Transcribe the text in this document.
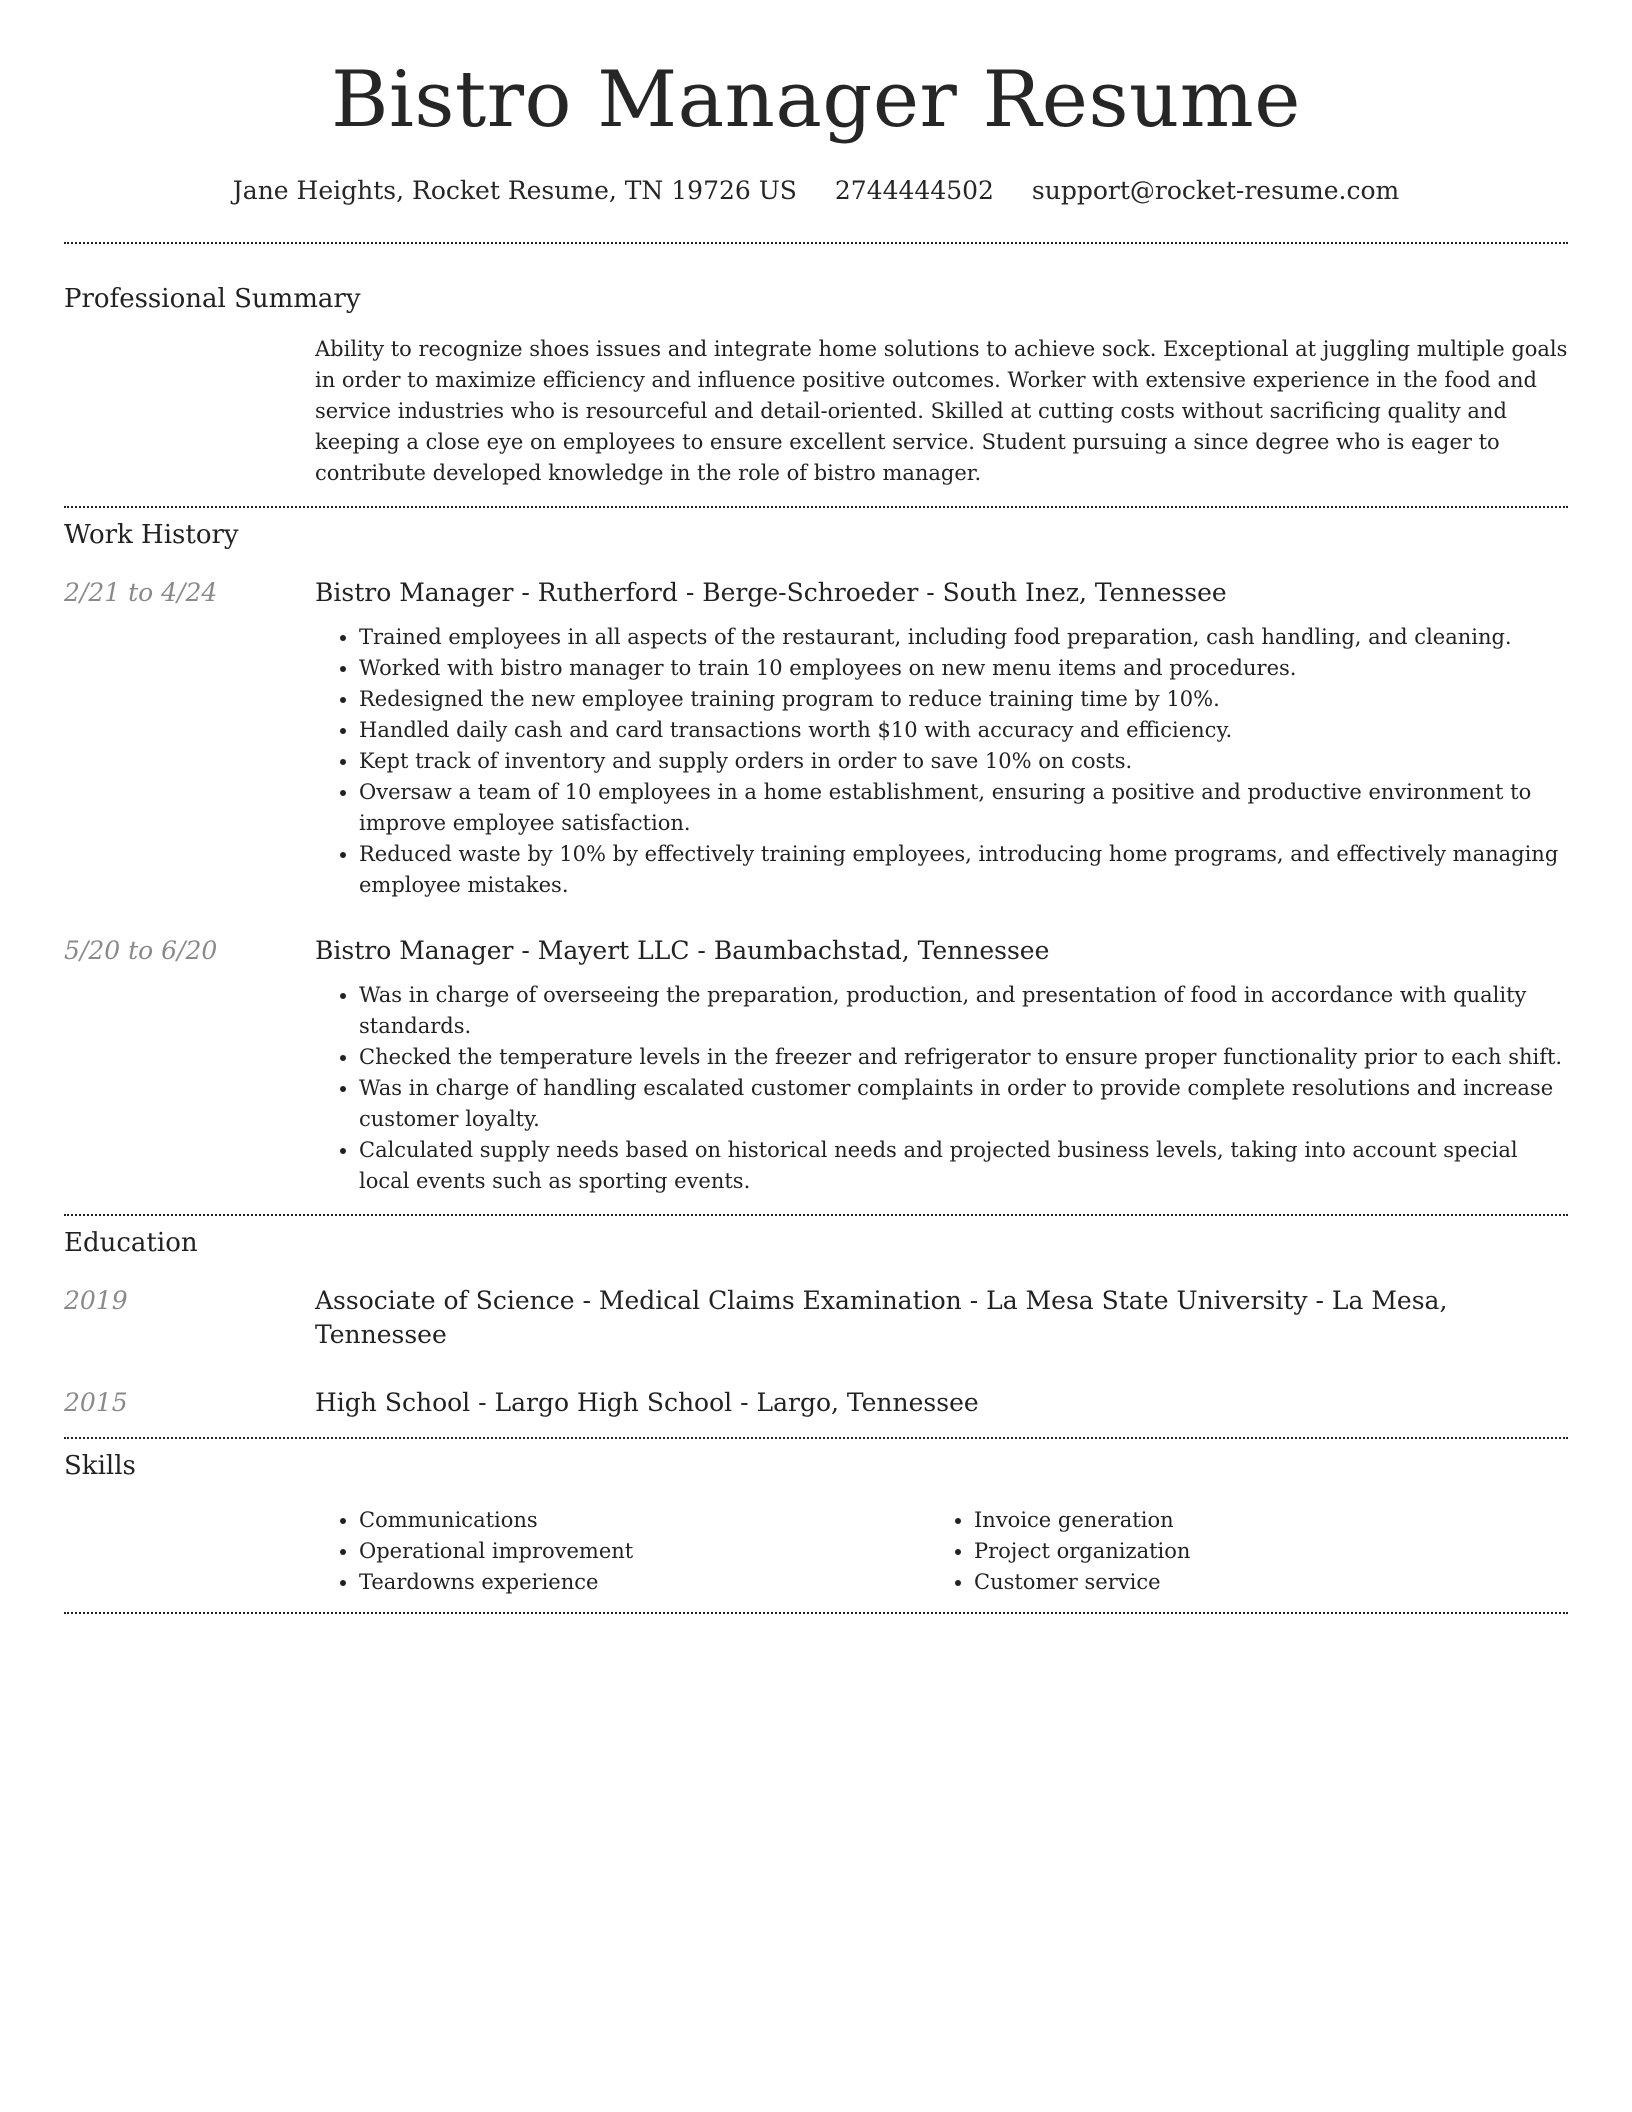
Bistro Manager Resume
Jane Heights, Rocket Resume, TN 19726 US 2744444502 support@rocket-resume.com
Professional Summary

Ability to recognize shoes issues and integrate home solutions to achieve sock. Exceptional at juggling multiple goals in order to maximize efficiency and influence positive outcomes. Worker with extensive experience in the food and service industries who is resourceful and detail-oriented. Skilled at cutting costs without sacrificing quality and keeping a close eye on employees to ensure excellent service. Student pursuing a since degree who is eager to contribute developed knowledge in the role of bistro manager.

Work History
2/21 to 4/24	Bistro Manager - Rutherford - Berge-Schroeder - South Inez, Tennessee
• Trained employees in all aspects of the restaurant, including food preparation, cash handling, and cleaning.
• Worked with bistro manager to train 10 employees on new menu items and procedures.
• Redesigned the new employee training program to reduce training time by 10%.
• Handled daily cash and card transactions worth $10 with accuracy and efficiency.
• Kept track of inventory and supply orders in order to save 10% on costs.
• Oversaw a team of 10 employees in a home establishment, ensuring a positive and productive environment to improve employee satisfaction.
• Reduced waste by 10% by effectively training employees, introducing home programs, and effectively managing employee mistakes.
5/20 to 6/20	Bistro Manager - Mayert LLC - Baumbachstad, Tennessee
• Was in charge of overseeing the preparation, production, and presentation of food in accordance with quality standards.
• Checked the temperature levels in the freezer and refrigerator to ensure proper functionality prior to each shift.
• Was in charge of handling escalated customer complaints in order to provide complete resolutions and increase customer loyalty.
• Calculated supply needs based on historical needs and projected business levels, taking into account special local events such as sporting events.
Education
2019	Associate of Science - Medical Claims Examination - La Mesa State University - La Mesa, Tennessee
2015	High School - Largo High School - Largo, Tennessee
Skills
• Communications
• Operational improvement
• Teardowns experience
• Invoice generation
• Project organization
• Customer service
